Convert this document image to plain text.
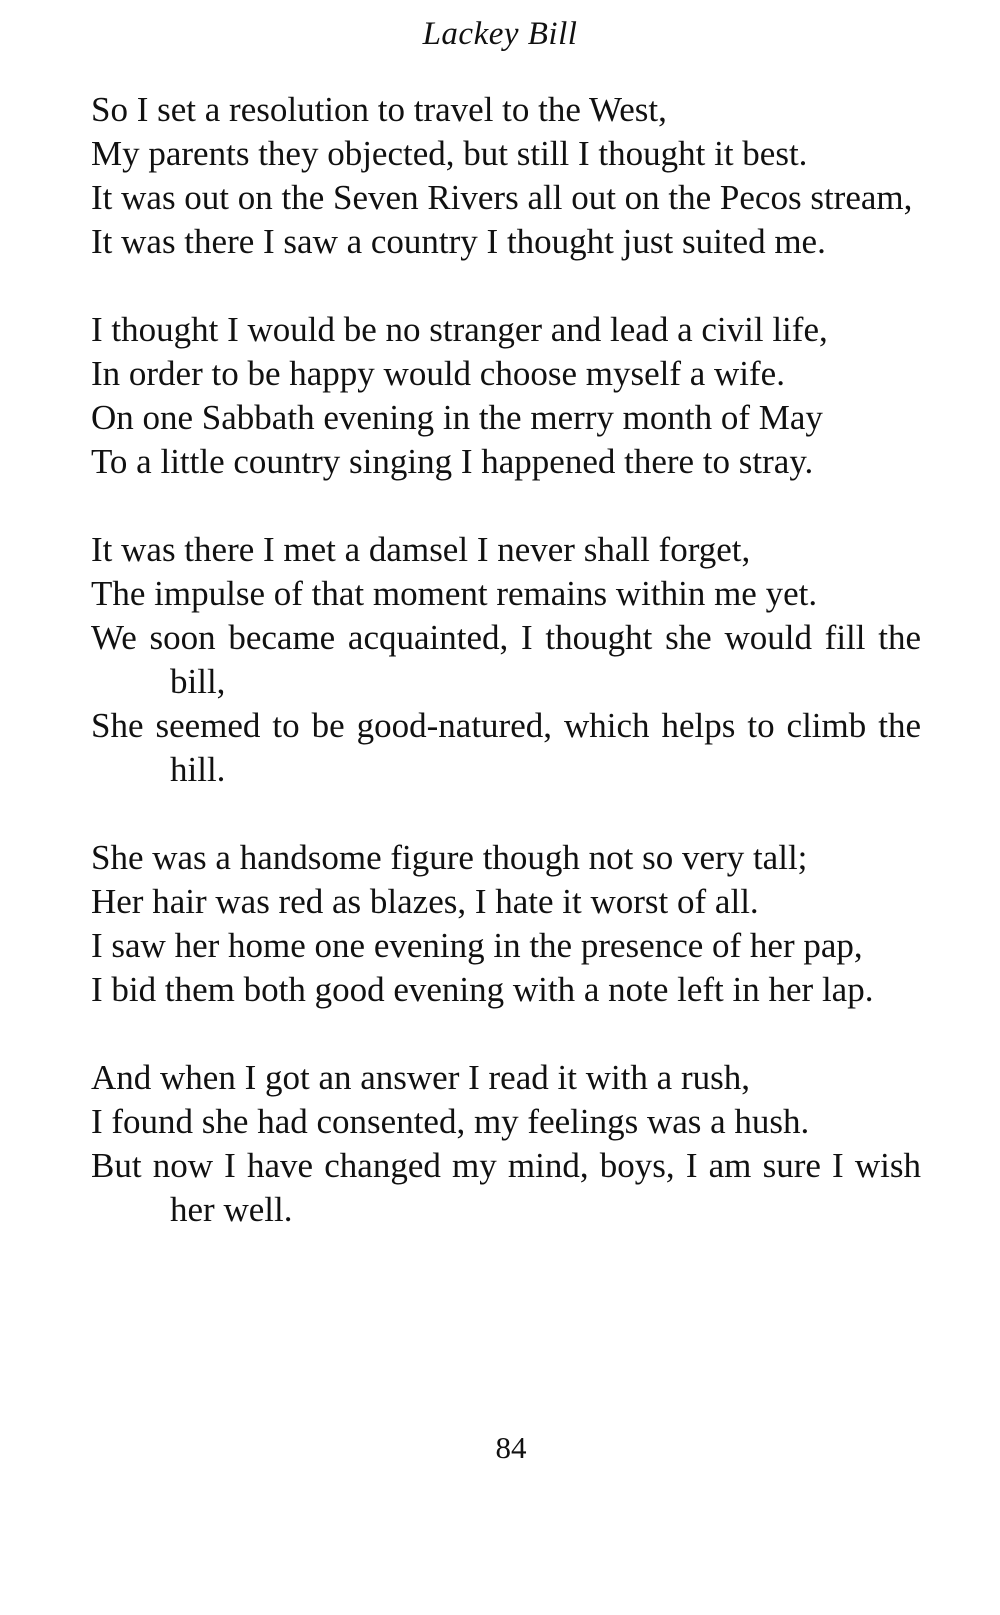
Lackey Bill
So I set a resolution to travel to the West,
My parents they objected, but still I thought it best.
It was out on the Seven Rivers all out on the Pecos stream,
It was there I saw a country I thought just suited me.
I thought I would be no stranger and lead a civil life,
In order to be happy would choose myself a wife.
On one Sabbath evening in the merry month of May
To a little country singing I happened there to stray.
It was there I met a damsel I never shall forget,
The impulse of that moment remains within me yet.
We soon became acquainted, I thought she would fill the bill,
She seemed to be good-natured, which helps to climb the hill.
She was a handsome figure though not so very tall;
Her hair was red as blazes, I hate it worst of all.
I saw her home one evening in the presence of her pap,
I bid them both good evening with a note left in her lap.
And when I got an answer I read it with a rush,
I found she had consented, my feelings was a hush.
But now I have changed my mind, boys, I am sure I wish her well.
84
